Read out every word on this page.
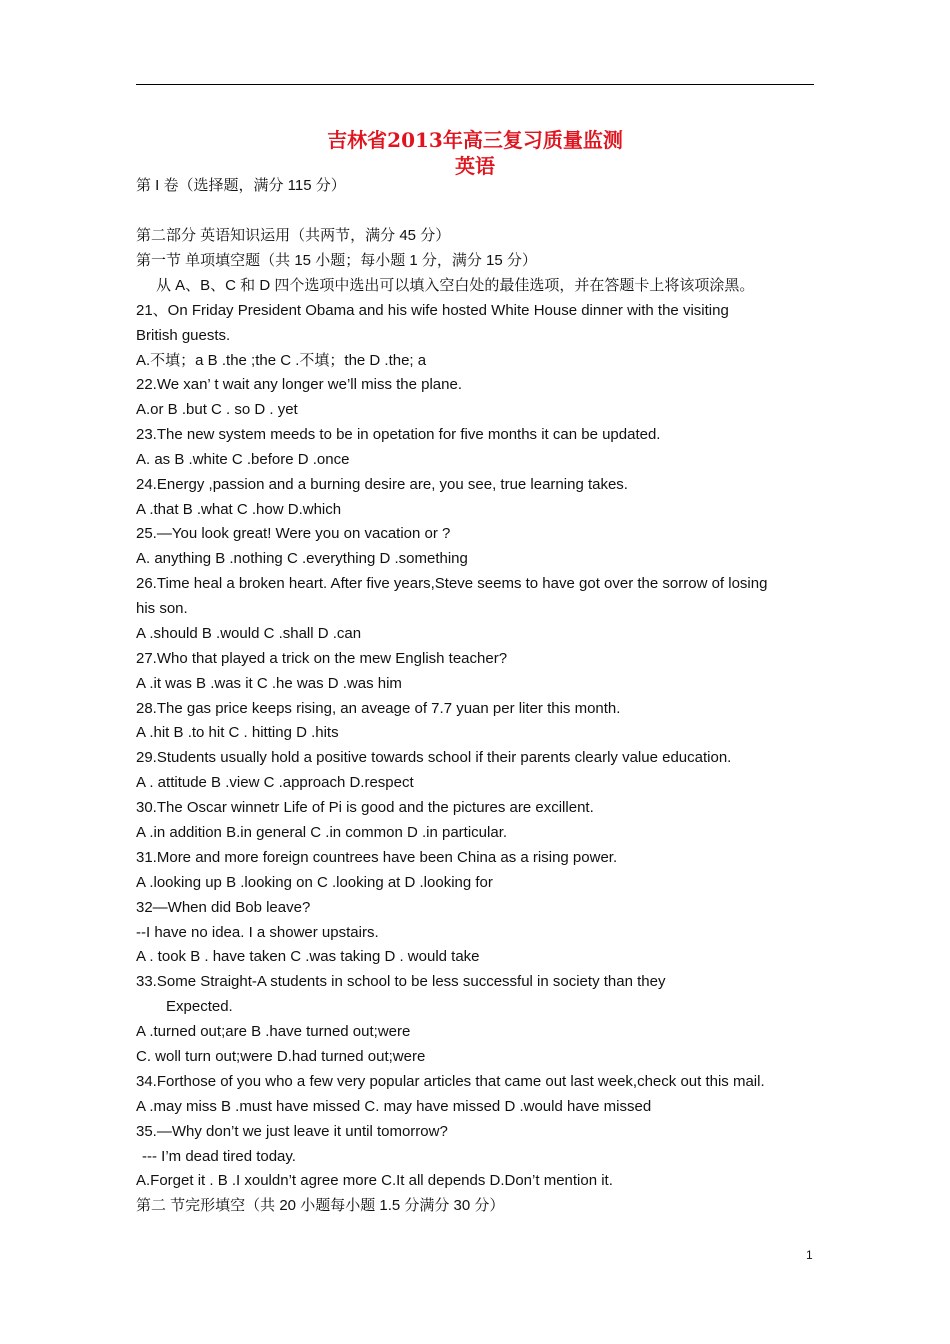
吉林省2013年高三复习质量监测
英语
第 I 卷（选择题，满分 115 分）
第二部分 英语知识运用（共两节，满分 45 分）
第一节 单项填空题（共 15 小题；每小题 1 分，满分 15 分）
从 A、B、C 和 D 四个选项中选出可以填入空白处的最佳选项，并在答题卡上将该项涂黑。
21、On Friday President Obama and his wife hosted White House dinner with the visiting
British guests.
A.不填；a B .the ;the C .不填；the D .the; a
22.We xan’ t wait any longer we’ll miss the plane.
A.or B .but C . so D . yet
23.The new system meeds to be in opetation for five months it can be updated.
A. as B .white C .before D .once
24.Energy ,passion and a burning desire are, you see, true learning takes.
A .that B .what C .how D.which
25.—You look great! Were you on vacation or ?
A. anything B .nothing C .everything D .something
26.Time heal a broken heart. After five years,Steve seems to have got over the sorrow of losing
his son.
A .should B .would C .shall D .can
27.Who that played a trick on the mew English teacher?
A .it was B .was it C .he was D .was him
28.The gas price keeps rising, an aveage of 7.7 yuan per liter this month.
A .hit B .to hit C . hitting D .hits
29.Students usually hold a positive towards school if their parents clearly value education.
A . attitude B .view C .approach D.respect
30.The Oscar winnetr Life of Pi is good and the pictures are excillent.
A .in addition B.in general C .in common D .in particular.
31.More and more foreign countrees have been China as a rising power.
A .looking up B .looking on C .looking at D .looking for
32—When did Bob leave?
--I have no idea. I a shower upstairs.
A . took B . have taken C .was taking D . would take
33.Some Straight-A students in school to be less successful in society than they
Expected.
A .turned out;are B .have turned out;were
C. woll turn out;were D.had turned out;were
34.Forthose of you who a few very popular articles that came out last week,check out this mail.
A .may miss B .must have missed C. may have missed D .would have missed
35.—Why don’t we just leave it until tomorrow?
--- I’m dead tired today.
A.Forget it . B .I xouldn’t agree more C.It all depends D.Don’t mention it.
第二 节完形填空（共 20 小题每小题 1.5 分满分 30 分）
1
